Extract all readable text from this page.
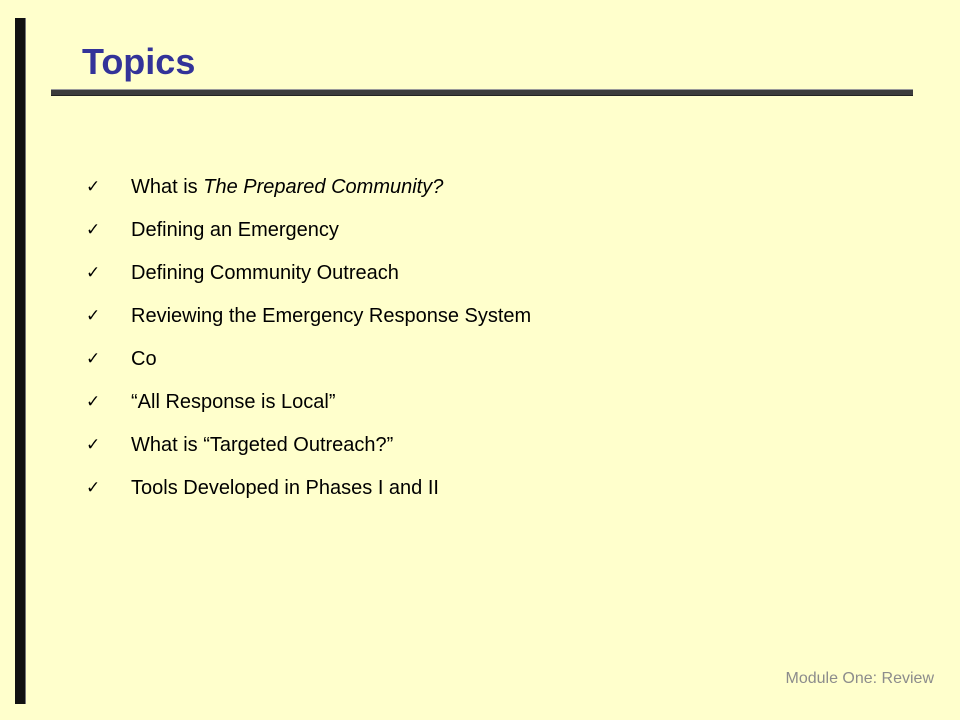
Topics
✓ What is The Prepared Community?
✓ Defining an Emergency
✓ Defining Community Outreach
✓ Reviewing the Emergency Response System
✓ Co
✓ “All Response is Local”
✓ What is “Targeted Outreach?”
✓ Tools Developed in Phases I and II
Module One: Review
